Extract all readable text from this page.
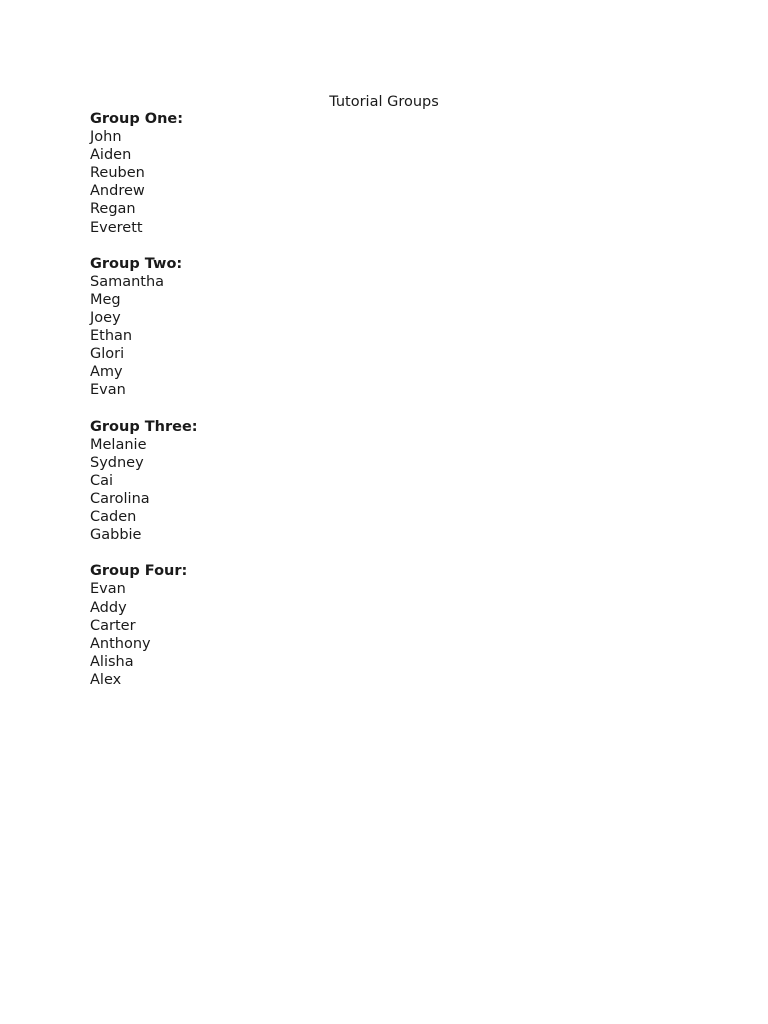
Tutorial Groups

Group One:

John
Aiden
Reuben
Andrew
Regan
Everett

Group Two:

Samantha
Meg
Joey
Ethan
Glori
Amy
Evan

Group Three:

Melanie
Sydney
Cai
Carolina
Caden
Gabbie

Group Four:

Evan
Addy
Carter
Anthony
Alisha
Alex
